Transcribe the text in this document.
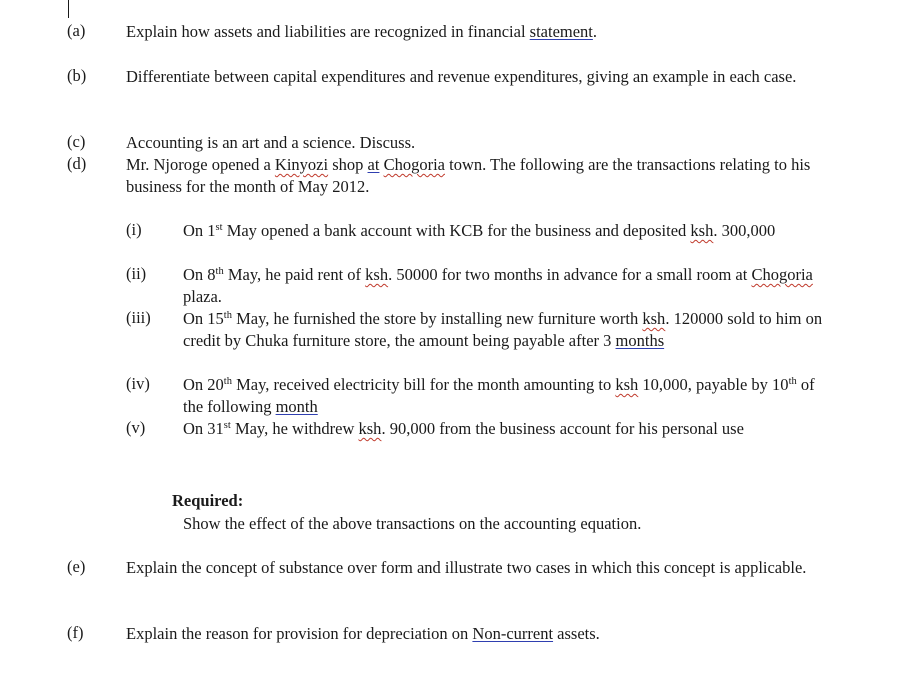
(a) Explain how assets and liabilities are recognized in financial statement.
(b) Differentiate between capital expenditures and revenue expenditures, giving an example in each case.
(c) Accounting is an art and a science. Discuss.
(d) Mr. Njoroge opened a Kinyozi shop at Chogoria town. The following are the transactions relating to his business for the month of May 2012.
(i)	On 1st May opened a bank account with KCB for the business and deposited ksh. 300,000
(ii) On 8th May, he paid rent of ksh. 50000 for two months in advance for a small room at Chogoria plaza.
(iii) On 15th May, he furnished the store by installing new furniture worth ksh. 120000 sold to him on credit by Chuka furniture store, the amount being payable after 3 months
(iv) On 20th May, received electricity bill for the month amounting to ksh 10,000, payable by 10th of the following month
(v) On 31st May, he withdrew ksh. 90,000 from the business account for his personal use
Required:
Show the effect of the above transactions on the accounting equation.
(e) Explain the concept of substance over form and illustrate two cases in which this concept is applicable.
(f)	Explain the reason for provision for depreciation on Non-current assets.
